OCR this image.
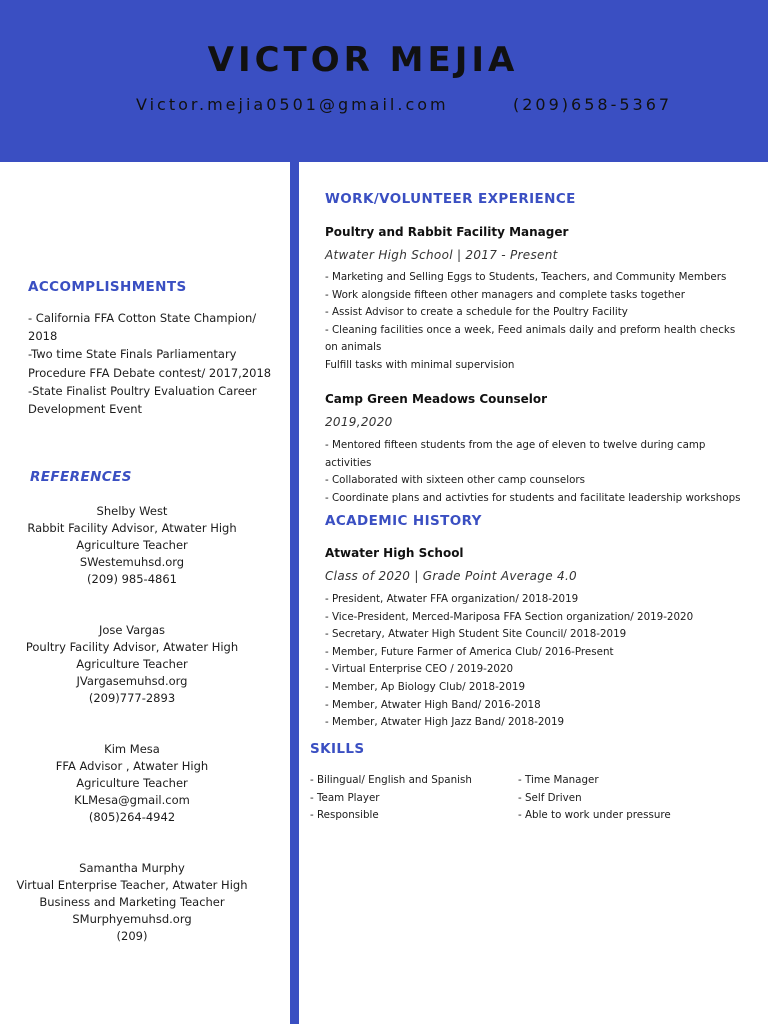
VICTOR MEJIA
Victor.mejia0501@gmail.com	(209)658-5367
ACCOMPLISHMENTS
- California FFA Cotton State Champion/ 2018
-Two time State Finals Parliamentary
Procedure FFA Debate contest/ 2017,2018
-State Finalist Poultry Evaluation Career
Development Event
REFERENCES
Shelby West
Rabbit Facility Advisor, Atwater High
Agriculture Teacher
SWestemuhsd.org
(209) 985-4861
Jose Vargas
Poultry Facility Advisor, Atwater High
Agriculture Teacher
JVargasemuhsd.org
(209)777-2893
Kim Mesa
FFA Advisor , Atwater High
Agriculture Teacher
KLMesa@gmail.com
(805)264-4942
Samantha Murphy
Virtual Enterprise Teacher, Atwater High
Business and Marketing Teacher
SMurphyemuhsd.org
(209)
WORK/VOLUNTEER EXPERIENCE
Poultry and Rabbit Facility Manager
Atwater High School | 2017 - Present
- Marketing and Selling Eggs to Students, Teachers, and Community Members
- Work alongside fifteen other managers and complete tasks together
- Assist Advisor to create a schedule for the Poultry Facility
- Cleaning facilities once a week, Feed animals daily and preform health checks
on animals
Fulfill tasks with minimal supervision
Camp Green Meadows Counselor
2019,2020
- Mentored fifteen students from the age of eleven to twelve during camp
activities
- Collaborated with sixteen other camp counselors
- Coordinate plans and activties for students and facilitate leadership workshops
ACADEMIC HISTORY
Atwater High School
Class of 2020 | Grade Point Average 4.0
- President, Atwater FFA organization/ 2018-2019
- Vice-President, Merced-Mariposa FFA Section organization/ 2019-2020
- Secretary, Atwater High Student Site Council/ 2018-2019
- Member, Future Farmer of America Club/ 2016-Present
- Virtual Enterprise CEO / 2019-2020
- Member, Ap Biology Club/ 2018-2019
- Member, Atwater High Band/ 2016-2018
- Member, Atwater High Jazz Band/ 2018-2019
SKILLS
- Bilingual/ English and Spanish
- Team Player
- Responsible
- Time Manager
- Self Driven
- Able to work under pressure
